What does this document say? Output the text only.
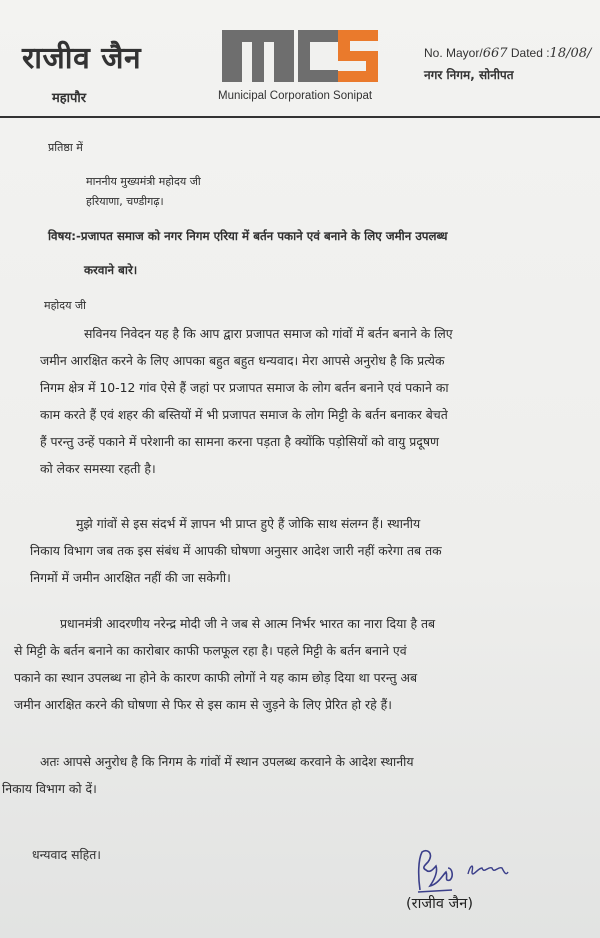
राजीव जैन
महापौर	Municipal Corporation Sonipat
No. Mayor/667 Dated :18/08/
नगर निगम, सोनीपत
प्रतिष्ठा में
माननीय मुख्यमंत्री महोदय जी
हरियाणा, चण्डीगढ़।
विषय:-प्रजापत समाज को नगर निगम एरिया में बर्तन पकाने एवं बनाने के लिए जमीन उपलब्ध
करवाने बारे।
महोदय जी
सविनय निवेदन यह है कि आप द्वारा प्रजापत समाज को गांवों में बर्तन बनाने के लिए
जमीन आरक्षित करने के लिए आपका बहुत बहुत धन्यवाद। मेरा आपसे अनुरोध है कि प्रत्येक
निगम क्षेत्र में 10-12 गांव ऐसे हैं जहां पर प्रजापत समाज के लोग बर्तन बनाने एवं पकाने का
काम करते हैं एवं शहर की बस्तियों में भी प्रजापत समाज के लोग मिट्टी के बर्तन बनाकर बेचते
हैं परन्तु उन्हें पकाने में परेशानी का सामना करना पड़ता है क्योंकि पड़ोसियों को वायु प्रदूषण
को लेकर समस्या रहती है।
मुझे गांवों से इस संदर्भ में ज्ञापन भी प्राप्त हुऐ हैं जोकि साथ संलग्न हैं। स्थानीय
निकाय विभाग जब तक इस संबंध में आपकी घोषणा अनुसार आदेश जारी नहीं करेगा तब तक
निगमों में जमीन आरक्षित नहीं की जा सकेगी।
प्रधानमंत्री आदरणीय नरेन्द्र मोदी जी ने जब से आत्म निर्भर भारत का नारा दिया है तब
से मिट्टी के बर्तन बनाने का कारोबार काफी फलफूल रहा है। पहले मिट्टी के बर्तन बनाने एवं
पकाने का स्थान उपलब्ध ना होने के कारण काफी लोगों ने यह काम छोड़ दिया था परन्तु अब
जमीन आरक्षित करने की घोषणा से फिर से इस काम से जुड़ने के लिए प्रेरित हो रहे हैं।
अतः आपसे अनुरोध है कि निगम के गांवों में स्थान उपलब्ध करवाने के आदेश स्थानीय
निकाय विभाग को दें।
धन्यवाद सहित।
(राजीव जैन)
